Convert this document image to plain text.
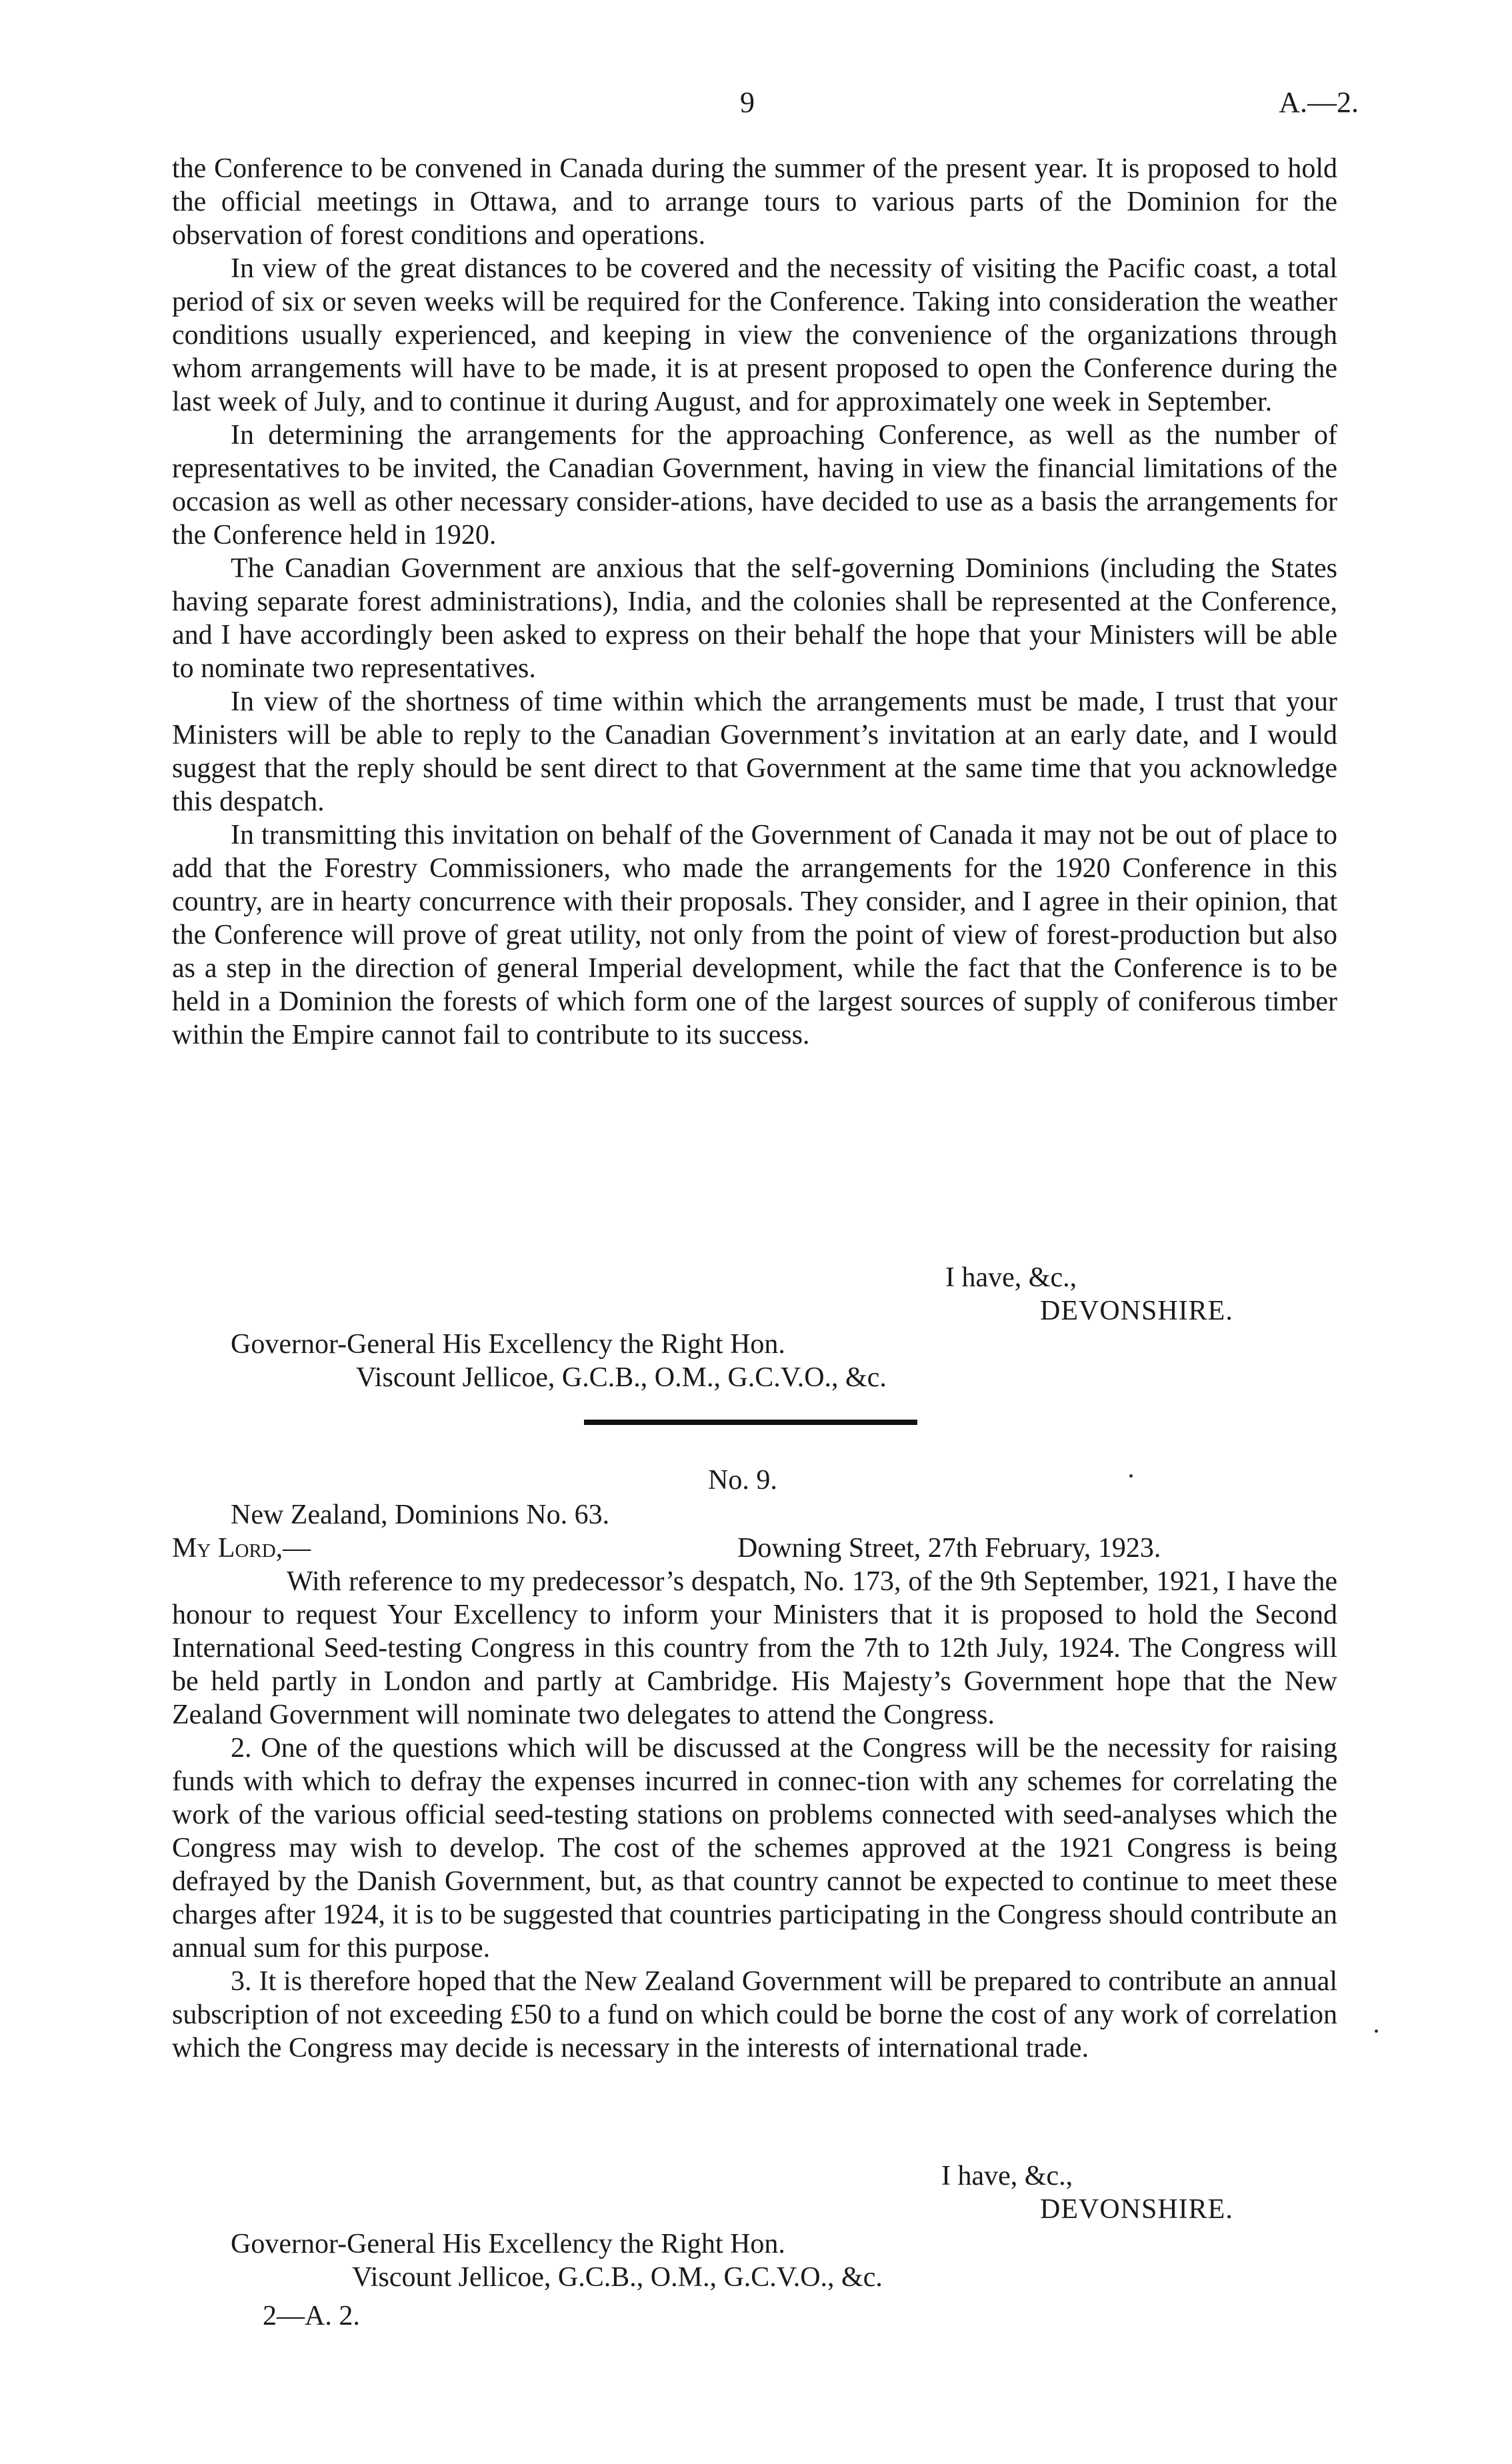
9	A.—2.

the Conference to be convened in Canada during the summer of the present year. It is proposed to hold the official meetings in Ottawa, and to arrange tours to various parts of the Dominion for the observation of forest conditions and operations.

In view of the great distances to be covered and the necessity of visiting the Pacific coast, a total period of six or seven weeks will be required for the Conference. Taking into consideration the weather conditions usually experienced, and keeping in view the convenience of the organizations through whom arrangements will have to be made, it is at present proposed to open the Conference during the last week of July, and to continue it during August, and for approximately one week in September.

In determining the arrangements for the approaching Conference, as well as the number of representatives to be invited, the Canadian Government, having in view the financial limitations of the occasion as well as other necessary consider-ations, have decided to use as a basis the arrangements for the Conference held in 1920.

The Canadian Government are anxious that the self-governing Dominions (including the States having separate forest administrations), India, and the colonies shall be represented at the Conference, and I have accordingly been asked to express on their behalf the hope that your Ministers will be able to nominate two representatives.

In view of the shortness of time within which the arrangements must be made, I trust that your Ministers will be able to reply to the Canadian Government’s invitation at an early date, and I would suggest that the reply should be sent direct to that Government at the same time that you acknowledge this despatch.

In transmitting this invitation on behalf of the Government of Canada it may not be out of place to add that the Forestry Commissioners, who made the arrangements for the 1920 Conference in this country, are in hearty concurrence with their proposals. They consider, and I agree in their opinion, that the Conference will prove of great utility, not only from the point of view of forest-production but also as a step in the direction of general Imperial development, while the fact that the Conference is to be held in a Dominion the forests of which form one of the largest sources of supply of coniferous timber within the Empire cannot fail to contribute to its success.

I have, &c.,
DEVONSHIRE.
Governor-General His Excellency the Right Hon.
Viscount Jellicoe, G.C.B., O.M., G.C.V.O., &c.
No. 9.
New Zealand, Dominions No. 63.
My Lord,—	Downing Street, 27th February, 1923.

With reference to my predecessor’s despatch, No. 173, of the 9th September, 1921, I have the honour to request Your Excellency to inform your Ministers that it is proposed to hold the Second International Seed-testing Congress in this country from the 7th to 12th July, 1924. The Congress will be held partly in London and partly at Cambridge. His Majesty’s Government hope that the New Zealand Government will nominate two delegates to attend the Congress.

2. One of the questions which will be discussed at the Congress will be the necessity for raising funds with which to defray the expenses incurred in connec-tion with any schemes for correlating the work of the various official seed-testing stations on problems connected with seed-analyses which the Congress may wish to develop. The cost of the schemes approved at the 1921 Congress is being defrayed by the Danish Government, but, as that country cannot be expected to continue to meet these charges after 1924, it is to be suggested that countries participating in the Congress should contribute an annual sum for this purpose.

3. It is therefore hoped that the New Zealand Government will be prepared to contribute an annual subscription of not exceeding £50 to a fund on which could be borne the cost of any work of correlation which the Congress may decide is necessary in the interests of international trade.

I have, &c.,
DEVONSHIRE.
Governor-General His Excellency the Right Hon.
Viscount Jellicoe, G.C.B., O.M., G.C.V.O., &c.
2—A. 2.
